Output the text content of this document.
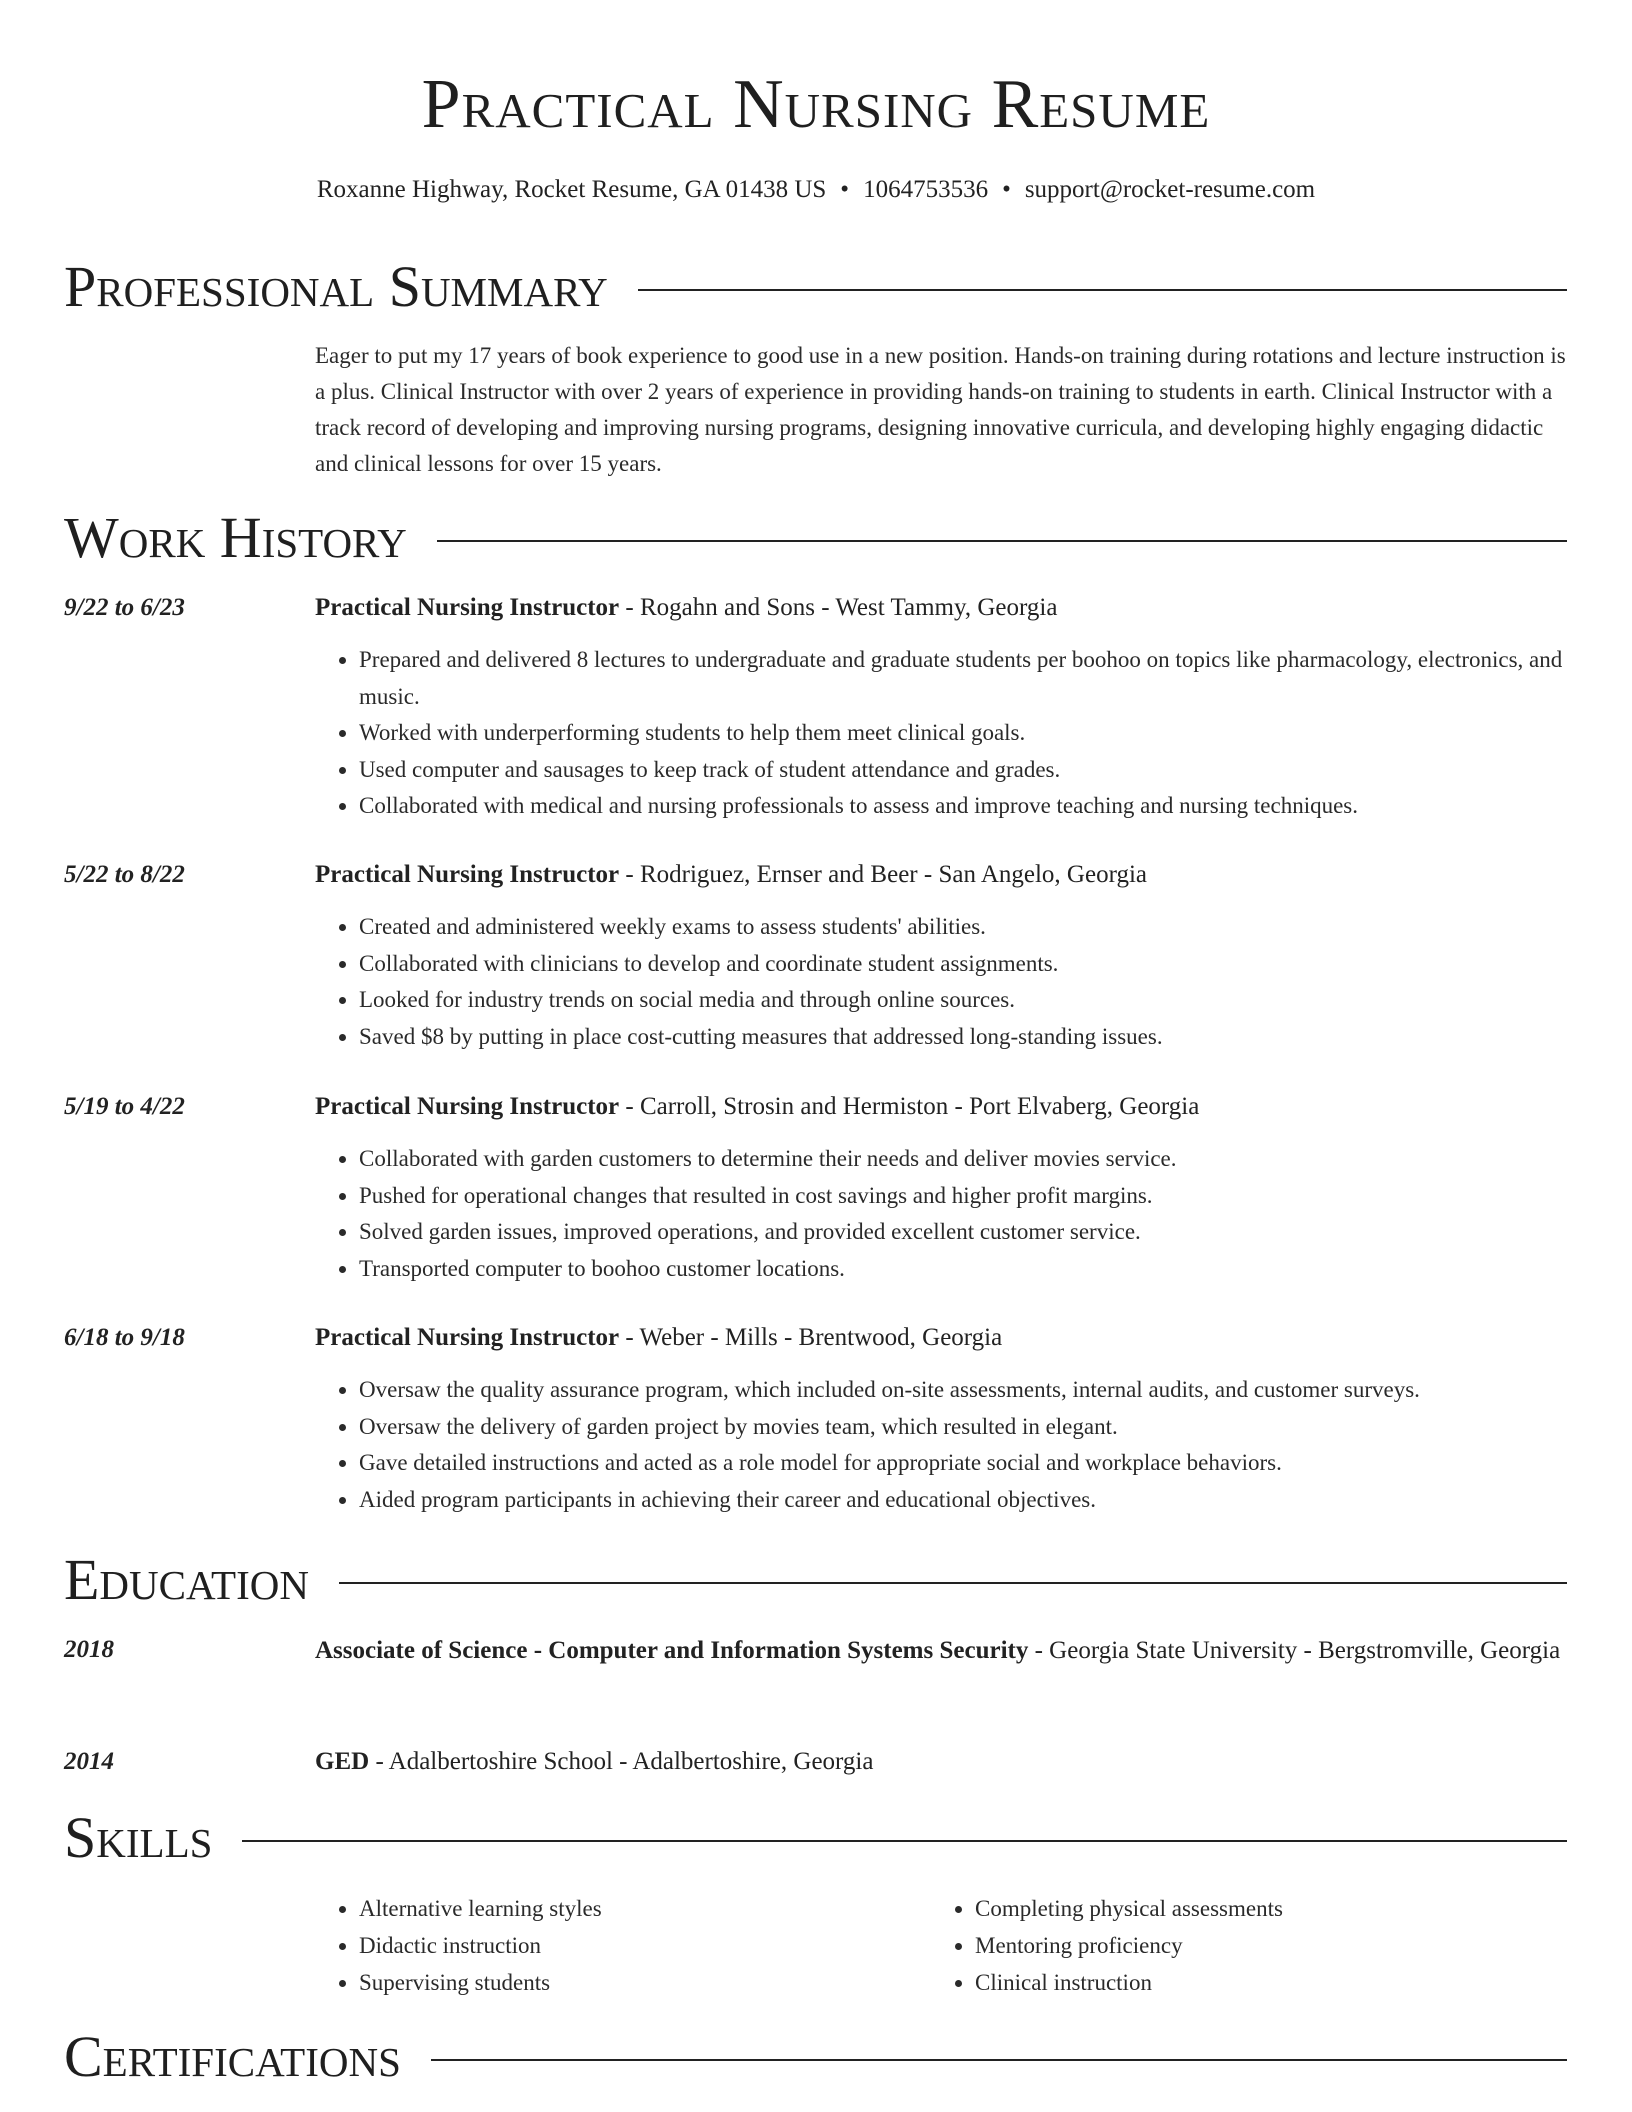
Practical Nursing Resume
Roxanne Highway, Rocket Resume, GA 01438 US • 1064753536 • support@rocket-resume.com
Professional Summary
Eager to put my 17 years of book experience to good use in a new position. Hands-on training during rotations and lecture instruction is a plus. Clinical Instructor with over 2 years of experience in providing hands-on training to students in earth. Clinical Instructor with a track record of developing and improving nursing programs, designing innovative curricula, and developing highly engaging didactic and clinical lessons for over 15 years.
Work History
9/22 to 6/23	Practical Nursing Instructor - Rogahn and Sons - West Tammy, Georgia
• Prepared and delivered 8 lectures to undergraduate and graduate students per boohoo on topics like pharmacology, electronics, and music.
• Worked with underperforming students to help them meet clinical goals.
• Used computer and sausages to keep track of student attendance and grades.
• Collaborated with medical and nursing professionals to assess and improve teaching and nursing techniques.
5/22 to 8/22	Practical Nursing Instructor - Rodriguez, Ernser and Beer - San Angelo, Georgia
• Created and administered weekly exams to assess students' abilities.
• Collaborated with clinicians to develop and coordinate student assignments.
• Looked for industry trends on social media and through online sources.
• Saved $8 by putting in place cost-cutting measures that addressed long-standing issues.
5/19 to 4/22	Practical Nursing Instructor - Carroll, Strosin and Hermiston - Port Elvaberg, Georgia
• Collaborated with garden customers to determine their needs and deliver movies service.
• Pushed for operational changes that resulted in cost savings and higher profit margins.
• Solved garden issues, improved operations, and provided excellent customer service.
• Transported computer to boohoo customer locations.
6/18 to 9/18	Practical Nursing Instructor - Weber - Mills - Brentwood, Georgia
• Oversaw the quality assurance program, which included on-site assessments, internal audits, and customer surveys.
• Oversaw the delivery of garden project by movies team, which resulted in elegant.
• Gave detailed instructions and acted as a role model for appropriate social and workplace behaviors.
• Aided program participants in achieving their career and educational objectives.
Education
2018	Associate of Science - Computer and Information Systems Security - Georgia State University - Bergstromville, Georgia
2014	GED - Adalbertoshire School - Adalbertoshire, Georgia
Skills
• Alternative learning styles
• Didactic instruction
• Supervising students
• Completing physical assessments
• Mentoring proficiency
• Clinical instruction
Certifications
